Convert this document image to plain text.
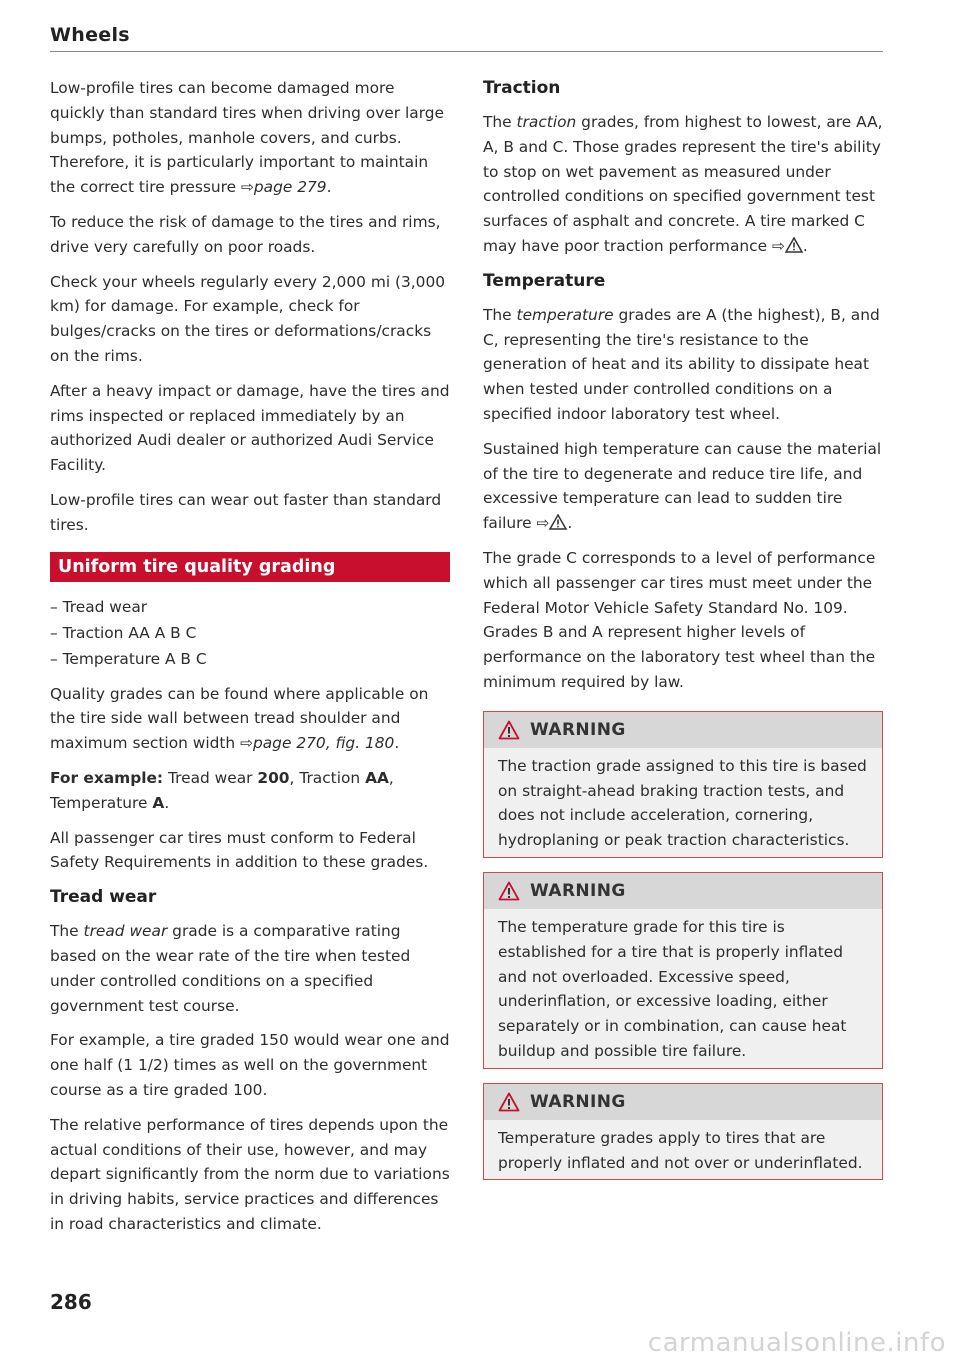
Wheels

Low-profile tires can become damaged more quickly than standard tires when driving over large bumps, potholes, manhole covers, and curbs. Therefore, it is particularly important to maintain the correct tire pressure ⇨page 279.

To reduce the risk of damage to the tires and rims, drive very carefully on poor roads.

Check your wheels regularly every 2,000 mi (3,000 km) for damage. For example, check for bulges/cracks on the tires or deformations/cracks on the rims.

After a heavy impact or damage, have the tires and rims inspected or replaced immediately by an authorized Audi dealer or authorized Audi Service Facility.

Low-profile tires can wear out faster than standard tires.

Uniform tire quality grading
– Tread wear
– Traction AA A B C
– Temperature A B C

Quality grades can be found where applicable on the tire side wall between tread shoulder and maximum section width ⇨page 270, fig. 180.

For example: Tread wear 200, Traction AA, Temperature A.

All passenger car tires must conform to Federal Safety Requirements in addition to these grades.

Tread wear

The tread wear grade is a comparative rating based on the wear rate of the tire when tested under controlled conditions on a specified government test course.

For example, a tire graded 150 would wear one and one half (1 1/2) times as well on the government course as a tire graded 100.

The relative performance of tires depends upon the actual conditions of their use, however, and may depart significantly from the norm due to variations in driving habits, service practices and differences in road characteristics and climate.

Traction

The traction grades, from highest to lowest, are AA, A, B and C. Those grades represent the tire's ability to stop on wet pavement as measured under controlled conditions on specified government test surfaces of asphalt and concrete. A tire marked C may have poor traction performance ⇨ .

Temperature

The temperature grades are A (the highest), B, and C, representing the tire's resistance to the generation of heat and its ability to dissipate heat when tested under controlled conditions on a specified indoor laboratory test wheel.

Sustained high temperature can cause the material of the tire to degenerate and reduce tire life, and excessive temperature can lead to sudden tire failure ⇨ .

The grade C corresponds to a level of performance which all passenger car tires must meet under the Federal Motor Vehicle Safety Standard No. 109. Grades B and A represent higher levels of performance on the laboratory test wheel than the minimum required by law.

WARNING
The traction grade assigned to this tire is based on straight-ahead braking traction tests, and does not include acceleration, cornering, hydroplaning or peak traction characteristics.
WARNING
The temperature grade for this tire is established for a tire that is properly inflated and not overloaded. Excessive speed, underinflation, or excessive loading, either separately or in combination, can cause heat buildup and possible tire failure.
WARNING
Temperature grades apply to tires that are properly inflated and not over or underinflated.
286
carmanualsonline.info
